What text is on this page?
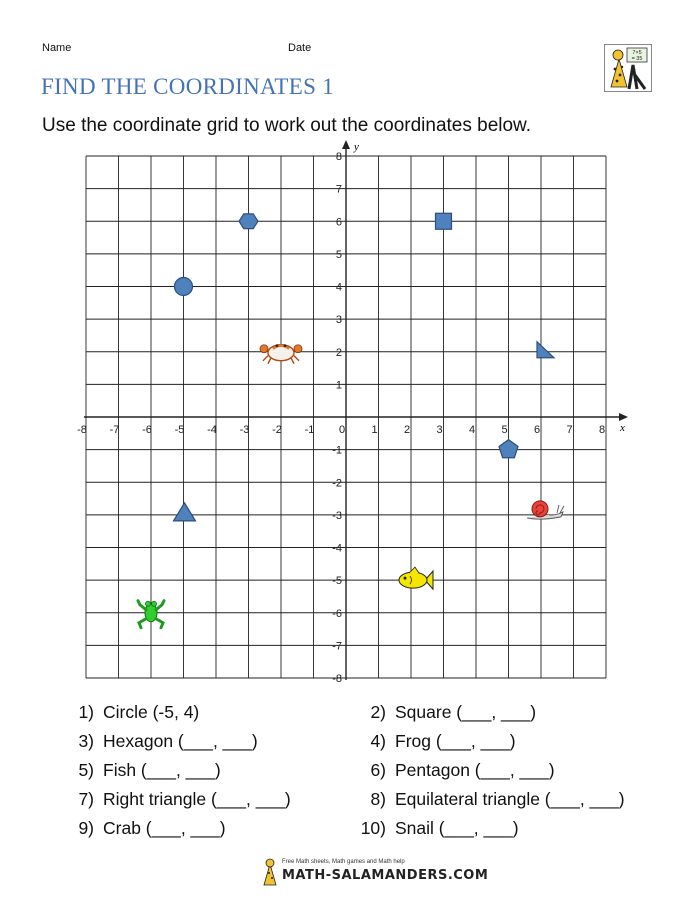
Name	Date
FIND THE COORDINATES 1
Use the coordinate grid to work out the coordinates below.
7×5
= 35
x
y
-8 -7 -6 -5 -4 -3 -2 -1 0 1 2 3 4 5 6 7 8
8
7
6
5
4
3
2
1
-1
-2
-3
-4
-5
-6
-7
-8
1) Circle (-5, 4)	2) Square (___, ___)
3) Hexagon (___, ___)	4) Frog (___, ___)
5) Fish (___, ___)	6) Pentagon (___, ___)
7) Right triangle (___, ___)	8) Equilateral triangle (___, ___)
9) Crab (___, ___)	10) Snail (___, ___)
Free Math sheets, Math games and Math help
MATH-SALAMANDERS.COM
